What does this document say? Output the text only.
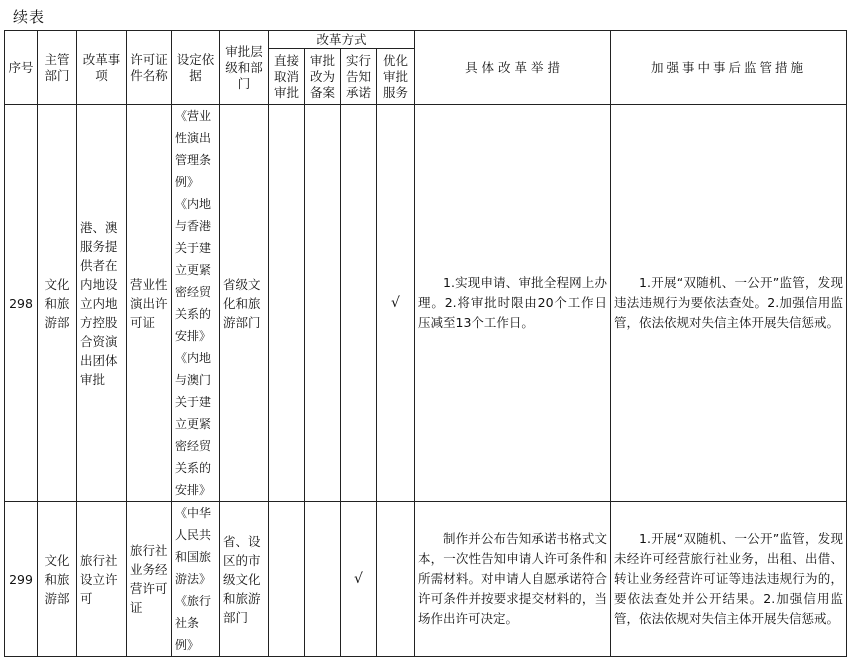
续表
序号	主管部门	改革事项	许可证件名称	设定依据	审批层级和部门	改革方式				具 体 改 革 举 措	加强事中事后监管措施
						直接取消审批	审批改为备案	实行告知承诺	优化审批服务		
298	文化和旅游部	港、澳服务提供者在内地设立内地方控股合资演出团体审批	营业性演出许可证	《营业性演出管理条例》《内地与香港关于建立更紧密经贸关系的安排》《内地与澳门关于建立更紧密经贸关系的安排》	省级文化和旅游部门				√	1.实现申请、审批全程网上办理。2.将审批时限由20个工作日压减至13个工作日。	1.开展“双随机、一公开”监管，发现违法违规行为要依法查处。2.加强信用监管，依法依规对失信主体开展失信惩戒。
299	文化和旅游部	旅行社设立许可	旅行社业务经营许可证	《中华人民共和国旅游法》《旅行社条例》	省、设区的市级文化和旅游部门			√		制作并公布告知承诺书格式文本，一次性告知申请人许可条件和所需材料。对申请人自愿承诺符合许可条件并按要求提交材料的，当场作出许可决定。	1.开展“双随机、一公开”监管，发现未经许可经营旅行社业务，出租、出借、转让业务经营许可证等违法违规行为的，要依法查处并公开结果。2.加强信用监管，依法依规对失信主体开展失信惩戒。
